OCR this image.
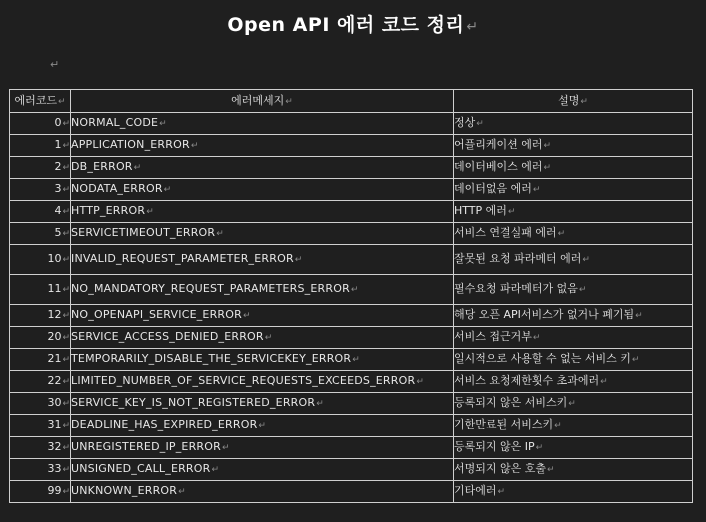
Open API 에러 코드 정리 ↵
↵
에러코드↵	에러메세지↵	설명↵
0↵	NORMAL_CODE↵	정상↵
1↵	APPLICATION_ERROR↵	어플리케이션 에러↵
2↵	DB_ERROR↵	데이터베이스 에러↵
3↵	NODATA_ERROR↵	데이터없음 에러↵
4↵	HTTP_ERROR↵	HTTP 에러↵
5↵	SERVICETIMEOUT_ERROR↵	서비스 연결실패 에러↵
10↵	INVALID_REQUEST_PARAMETER_ERROR↵	잘못된 요청 파라메터 에러↵
11↵	NO_MANDATORY_REQUEST_PARAMETERS_ERROR↵	필수요청 파라메터가 없음↵
12↵	NO_OPENAPI_SERVICE_ERROR↵	해당 오픈 API서비스가 없거나 폐기됨↵
20↵	SERVICE_ACCESS_DENIED_ERROR↵	서비스 접근거부↵
21↵	TEMPORARILY_DISABLE_THE_SERVICEKEY_ERROR↵	일시적으로 사용할 수 없는 서비스 키↵
22↵	LIMITED_NUMBER_OF_SERVICE_REQUESTS_EXCEEDS_ERROR↵	서비스 요청제한횟수 초과에러↵
30↵	SERVICE_KEY_IS_NOT_REGISTERED_ERROR↵	등록되지 않은 서비스키↵
31↵	DEADLINE_HAS_EXPIRED_ERROR↵	기한만료된 서비스키↵
32↵	UNREGISTERED_IP_ERROR↵	등록되지 않은 IP↵
33↵	UNSIGNED_CALL_ERROR↵	서명되지 않은 호출↵
99↵	UNKNOWN_ERROR↵	기타에러↵
